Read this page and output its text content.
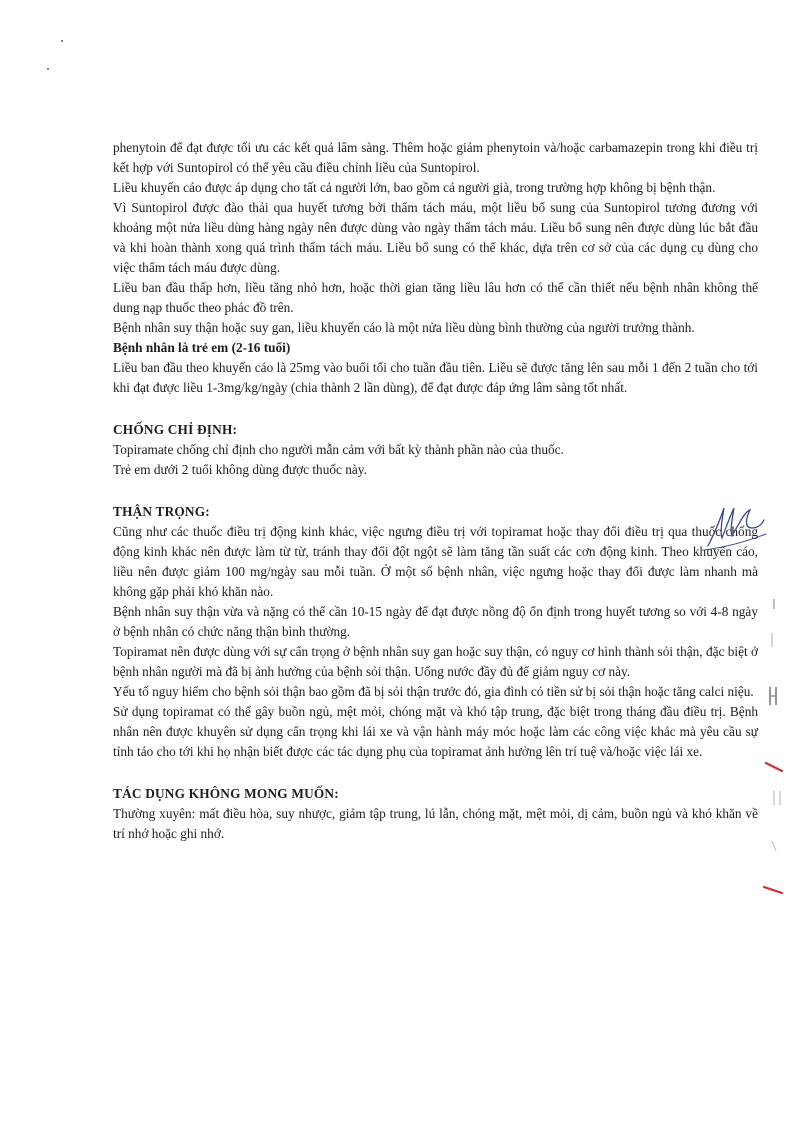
phenytoin để đạt được tối ưu các kết quả lâm sàng. Thêm hoặc giảm phenytoin và/hoặc carbamazepin trong khi điều trị kết hợp với Suntopirol có thể yêu cầu điều chỉnh liều của Suntopirol.

Liều khuyến cáo được áp dụng cho tất cả người lớn, bao gồm cả người già, trong trường hợp không bị bệnh thận.

Vì Suntopirol được đào thải qua huyết tương bởi thẩm tách máu, một liều bổ sung của Suntopirol tương đương với khoảng một nửa liều dùng hàng ngày nên được dùng vào ngày thẩm tách máu. Liều bổ sung nên được dùng lúc bắt đầu và khi hoàn thành xong quá trình thẩm tách máu. Liều bổ sung có thể khác, dựa trên cơ sở của các dụng cụ dùng cho việc thẩm tách máu được dùng.

Liều ban đầu thấp hơn, liều tăng nhỏ hơn, hoặc thời gian tăng liều lâu hơn có thể cần thiết nếu bệnh nhân không thể dung nạp thuốc theo phác đồ trên.

Bệnh nhân suy thận hoặc suy gan, liều khuyến cáo là một nửa liều dùng bình thường của người trưởng thành.

Bệnh nhân là trẻ em (2-16 tuổi)

Liều ban đầu theo khuyến cáo là 25mg vào buổi tối cho tuần đầu tiên. Liều sẽ được tăng lên sau mỗi 1 đến 2 tuần cho tới khi đạt được liều 1-3mg/kg/ngày (chia thành 2 lần dùng), để đạt được đáp ứng lâm sàng tốt nhất.

CHỐNG CHỈ ĐỊNH:

Topiramate chống chỉ định cho người mẫn cảm với bất kỳ thành phần nào của thuốc.

Trẻ em dưới 2 tuổi không dùng được thuốc này.

THẬN TRỌNG:

Cũng như các thuốc điều trị động kinh khác, việc ngưng điều trị với topiramat hoặc thay đổi điều trị qua thuốc chống động kinh khác nên được làm từ từ, tránh thay đổi đột ngột sẽ làm tăng tần suất các cơn động kinh. Theo khuyến cáo, liều nên được giảm 100 mg/ngày sau mỗi tuần. Ở một số bệnh nhân, việc ngưng hoặc thay đổi được làm nhanh mà không gặp phải khó khăn nào.

Bệnh nhân suy thận vừa và nặng có thể cần 10-15 ngày để đạt được nồng độ ổn định trong huyết tương so với 4-8 ngày ở bệnh nhân có chức năng thận bình thường.

Topiramat nên được dùng với sự cẩn trọng ở bệnh nhân suy gan hoặc suy thận, có nguy cơ hình thành sỏi thận, đặc biệt ở bệnh nhân người mà đã bị ảnh hưởng của bệnh sỏi thận. Uống nước đầy đủ để giảm nguy cơ này.

Yếu tố nguy hiểm cho bệnh sỏi thận bao gồm đã bị sỏi thận trước đó, gia đình có tiền sử bị sỏi thận hoặc tăng calci niệu.

Sử dụng topiramat có thể gây buồn ngủ, mệt mỏi, chóng mặt và khó tập trung, đặc biệt trong tháng đầu điều trị. Bệnh nhân nên được khuyên sử dụng cẩn trọng khi lái xe và vận hành máy móc hoặc làm các công việc khác mà yêu cầu sự tỉnh táo cho tới khi họ nhận biết được các tác dụng phụ của topiramat ảnh hưởng lên trí tuệ và/hoặc việc lái xe.

TÁC DỤNG KHÔNG MONG MUỐN:

Thường xuyên: mất điều hòa, suy nhược, giảm tập trung, lú lẫn, chóng mặt, mệt mỏi, dị cảm, buồn ngủ và khó khăn về trí nhớ hoặc ghi nhớ.
